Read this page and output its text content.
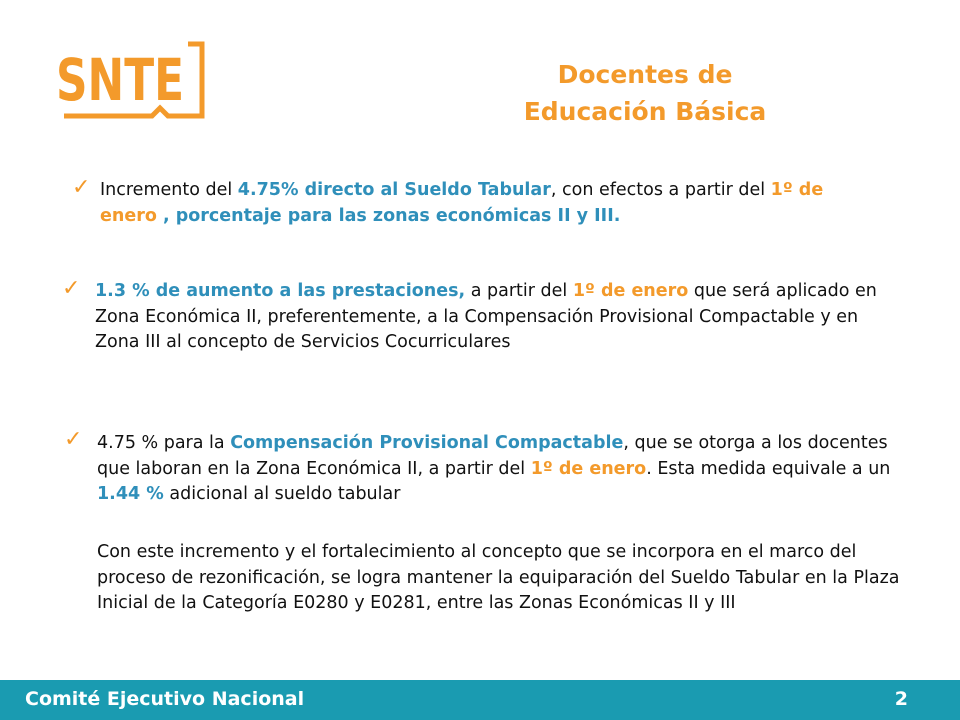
SNTE	Docentes de
Educación Básica
✓ Incremento del 4.75% directo al Sueldo Tabular, con efectos a partir del 1º de enero , porcentaje para las zonas económicas II y III.
✓ 1.3 % de aumento a las prestaciones, a partir del 1º de enero que será aplicado en Zona Económica II, preferentemente, a la Compensación Provisional Compactable y en Zona III al concepto de Servicios Cocurriculares
✓ 4.75 % para la Compensación Provisional Compactable, que se otorga a los docentes que laboran en la Zona Económica II, a partir del 1º de enero. Esta medida equivale a un 1.44 % adicional al sueldo tabular
Con este incremento y el fortalecimiento al concepto que se incorpora en el marco del proceso de rezonificación, se logra mantener la equiparación del Sueldo Tabular en la Plaza Inicial de la Categoría E0280 y E0281, entre las Zonas Económicas II y III
Comité Ejecutivo Nacional	2
